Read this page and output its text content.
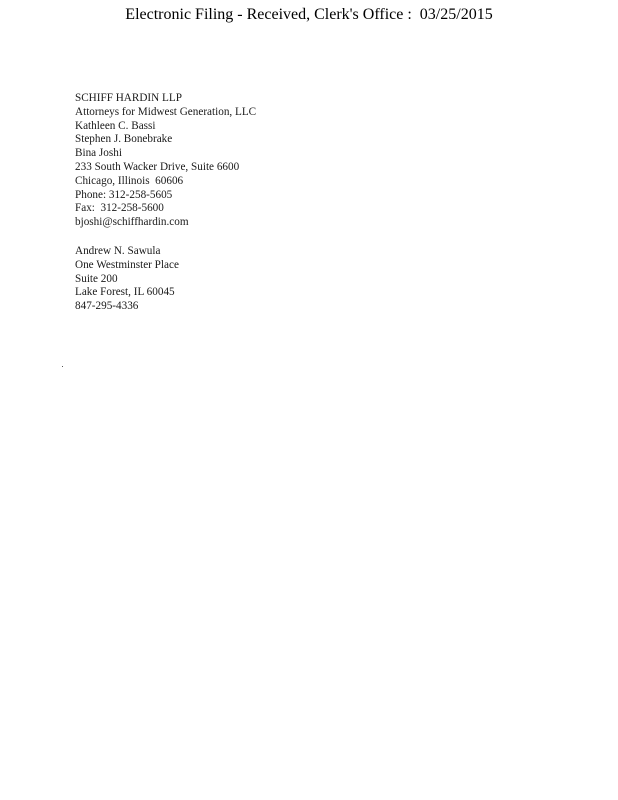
Electronic Filing - Received, Clerk's Office :  03/25/2015
SCHIFF HARDIN LLP
Attorneys for Midwest Generation, LLC
Kathleen C. Bassi
Stephen J. Bonebrake
Bina Joshi
233 South Wacker Drive, Suite 6600
Chicago, Illinois  60606
Phone: 312-258-5605
Fax:  312-258-5600
bjoshi@schiffhardin.com
Andrew N. Sawula
One Westminster Place
Suite 200
Lake Forest, IL 60045
847-295-4336
